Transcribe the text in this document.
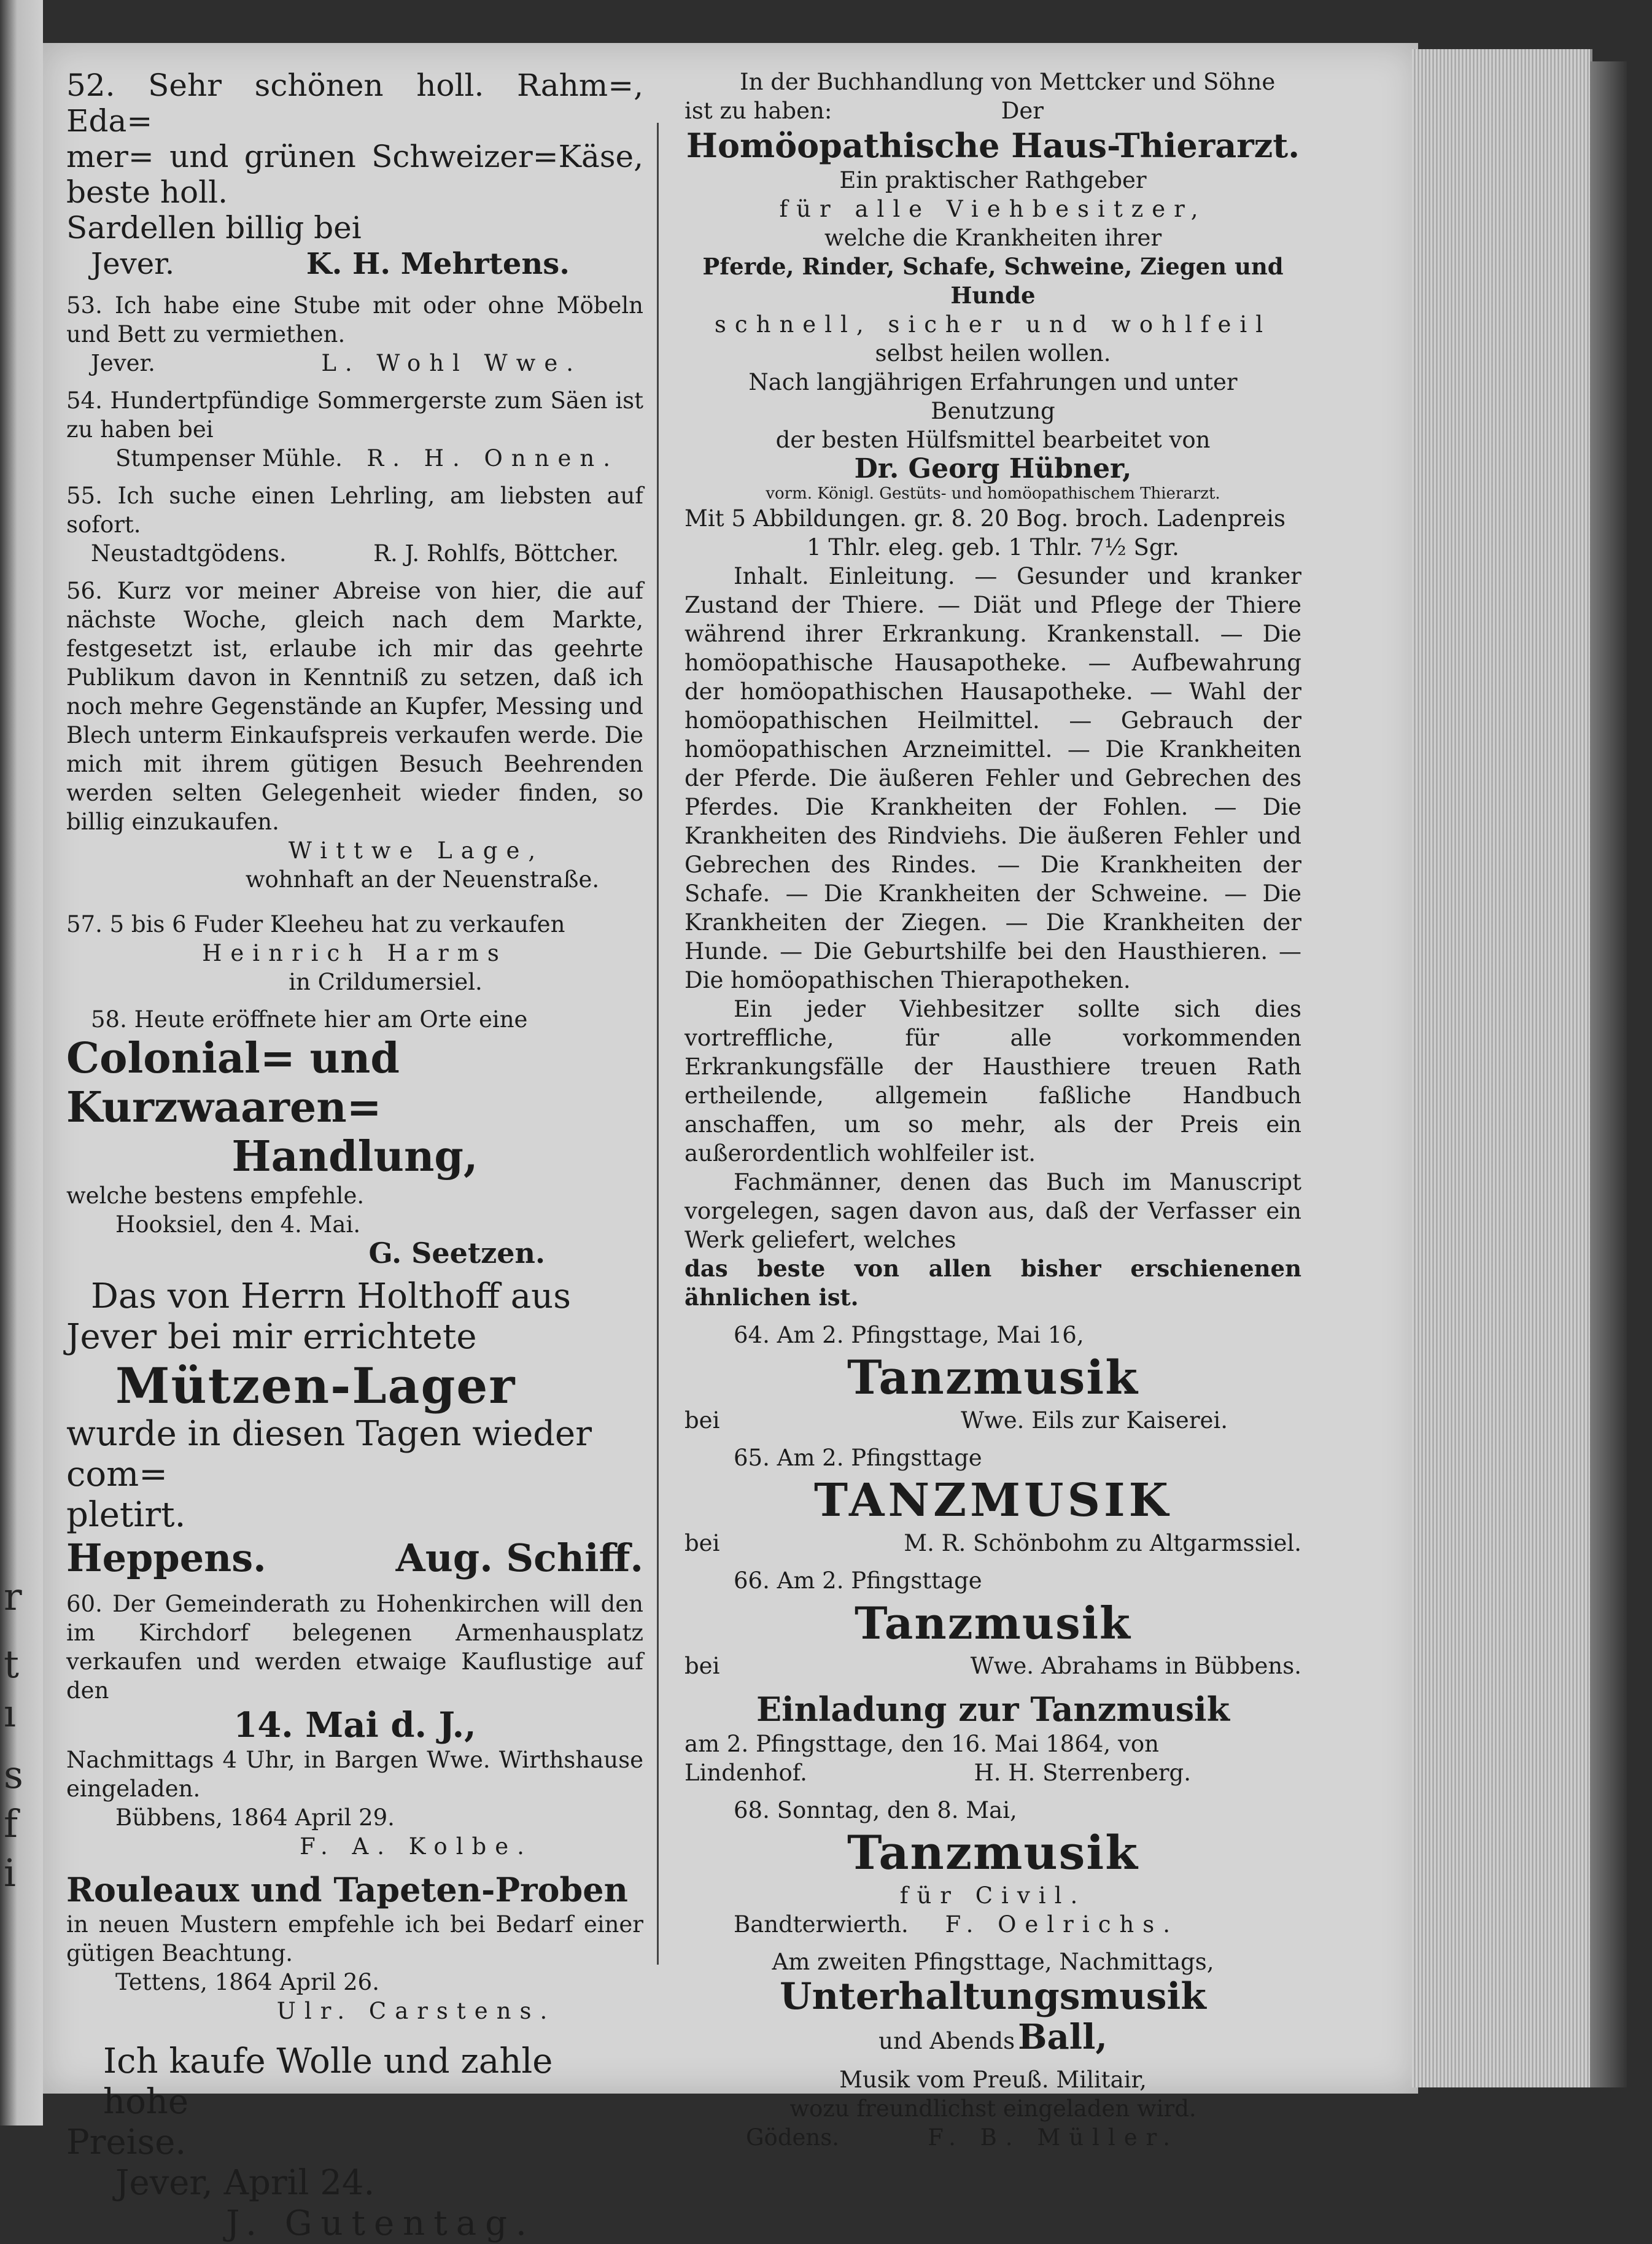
r
t
ı
s
f
i

52. Sehr schönen holl. Rahm=, Eda=

mer= und grünen Schweizer=Käse, beste holl.

Sardellen billig bei

Jever.	K. H. Mehrtens.

53. Ich habe eine Stube mit oder ohne Möbeln und Bett zu vermiethen.

Jever.	L. Wohl Wwe.

54. Hundertpfündige Sommergerste zum Säen ist zu haben bei

Stumpenser Mühle. R. H. Onnen.

55. Ich suche einen Lehrling, am liebsten auf sofort.

Neustadtgödens.	R. J. Rohlfs, Böttcher.

56. Kurz vor meiner Abreise von hier, die auf nächste Woche, gleich nach dem Markte, festgesetzt ist, erlaube ich mir das geehrte Publikum davon in Kenntniß zu setzen, daß ich noch mehre Gegenstände an Kupfer, Messing und Blech unterm Einkaufspreis verkaufen werde. Die mich mit ihrem gütigen Besuch Beehrenden werden selten Gelegenheit wieder finden, so billig einzukaufen.

Wittwe Lage,

wohnhaft an der Neuenstraße.

57. 5 bis 6 Fuder Kleeheu hat zu verkaufen

Heinrich Harms

in Crildumersiel.

58. Heute eröffnete hier am Orte eine

Colonial= und Kurzwaaren=

Handlung,

welche bestens empfehle.

Hooksiel, den 4. Mai.

G. Seetzen.

Das von Herrn Holthoff aus

Jever bei mir errichtete

Mützen-Lager

wurde in diesen Tagen wieder com=

pletirt.

Heppens.	Aug. Schiff.

60. Der Gemeinderath zu Hohenkirchen will den im Kirchdorf belegenen Armenhausplatz verkaufen und werden etwaige Kauflustige auf den

14. Mai d. J.,

Nachmittags 4 Uhr, in Bargen Wwe. Wirthshause eingeladen.

Bübbens, 1864 April 29.

F. A. Kolbe.

Rouleaux und Tapeten-Proben

in neuen Mustern empfehle ich bei Bedarf einer gütigen Beachtung.

Tettens, 1864 April 26.

Ulr. Carstens.

Ich kaufe Wolle und zahle hohe

Preise.

Jever, April 24.

J. Gutentag.

In der Buchhandlung von Mettcker und Söhne

ist zu haben:	Der

Homöopathische Haus-Thierarzt.

Ein praktischer Rathgeber

für alle Viehbesitzer,

welche die Krankheiten ihrer

Pferde, Rinder, Schafe, Schweine, Ziegen und Hunde

schnell, sicher und wohlfeil

selbst heilen wollen.

Nach langjährigen Erfahrungen und unter Benutzung

der besten Hülfsmittel bearbeitet von

Dr. Georg Hübner,

vorm. Königl. Gestüts- und homöopathischem Thierarzt.

Mit 5 Abbildungen. gr. 8. 20 Bog. broch. Ladenpreis

1 Thlr. eleg. geb. 1 Thlr. 7½ Sgr.

Inhalt. Einleitung. — Gesunder und kranker Zustand der Thiere. — Diät und Pflege der Thiere während ihrer Erkrankung. Krankenstall. — Die homöopathische Hausapotheke. — Aufbewahrung der homöopathischen Hausapotheke. — Wahl der homöopathischen Heilmittel. — Gebrauch der homöopathischen Arzneimittel. — Die Krankheiten der Pferde. Die äußeren Fehler und Gebrechen des Pferdes. Die Krankheiten der Fohlen. — Die Krankheiten des Rindviehs. Die äußeren Fehler und Gebrechen des Rindes. — Die Krankheiten der Schafe. — Die Krankheiten der Schweine. — Die Krankheiten der Ziegen. — Die Krankheiten der Hunde. — Die Geburtshilfe bei den Hausthieren. — Die homöopathischen Thierapotheken.

Ein jeder Viehbesitzer sollte sich dies vortreffliche, für alle vorkommenden Erkrankungsfälle der Hausthiere treuen Rath ertheilende, allgemein faßliche Handbuch anschaffen, um so mehr, als der Preis ein außerordentlich wohlfeiler ist.

Fachmänner, denen das Buch im Manuscript vorgelegen, sagen davon aus, daß der Verfasser ein Werk geliefert, welches

das beste von allen bisher erschienenen ähnlichen ist.

64. Am 2. Pfingsttage, Mai 16,

Tanzmusik

bei	Wwe. Eils zur Kaiserei.

65. Am 2. Pfingsttage

TANZMUSIK

bei	M. R. Schönbohm zu Altgarmssiel.

66. Am 2. Pfingsttage

Tanzmusik

bei	Wwe. Abrahams in Bübbens.

Einladung zur Tanzmusik

am 2. Pfingsttage, den 16. Mai 1864, von

Lindenhof.	H. H. Sterrenberg.

68. Sonntag, den 8. Mai,

Tanzmusik

für Civil.

Bandterwierth. F. Oelrichs.

Am zweiten Pfingsttage, Nachmittags,

Unterhaltungsmusik

und Abends Ball,

Musik vom Preuß. Militair,

wozu freundlichst eingeladen wird.

Gödens.	F. B. Müller.
